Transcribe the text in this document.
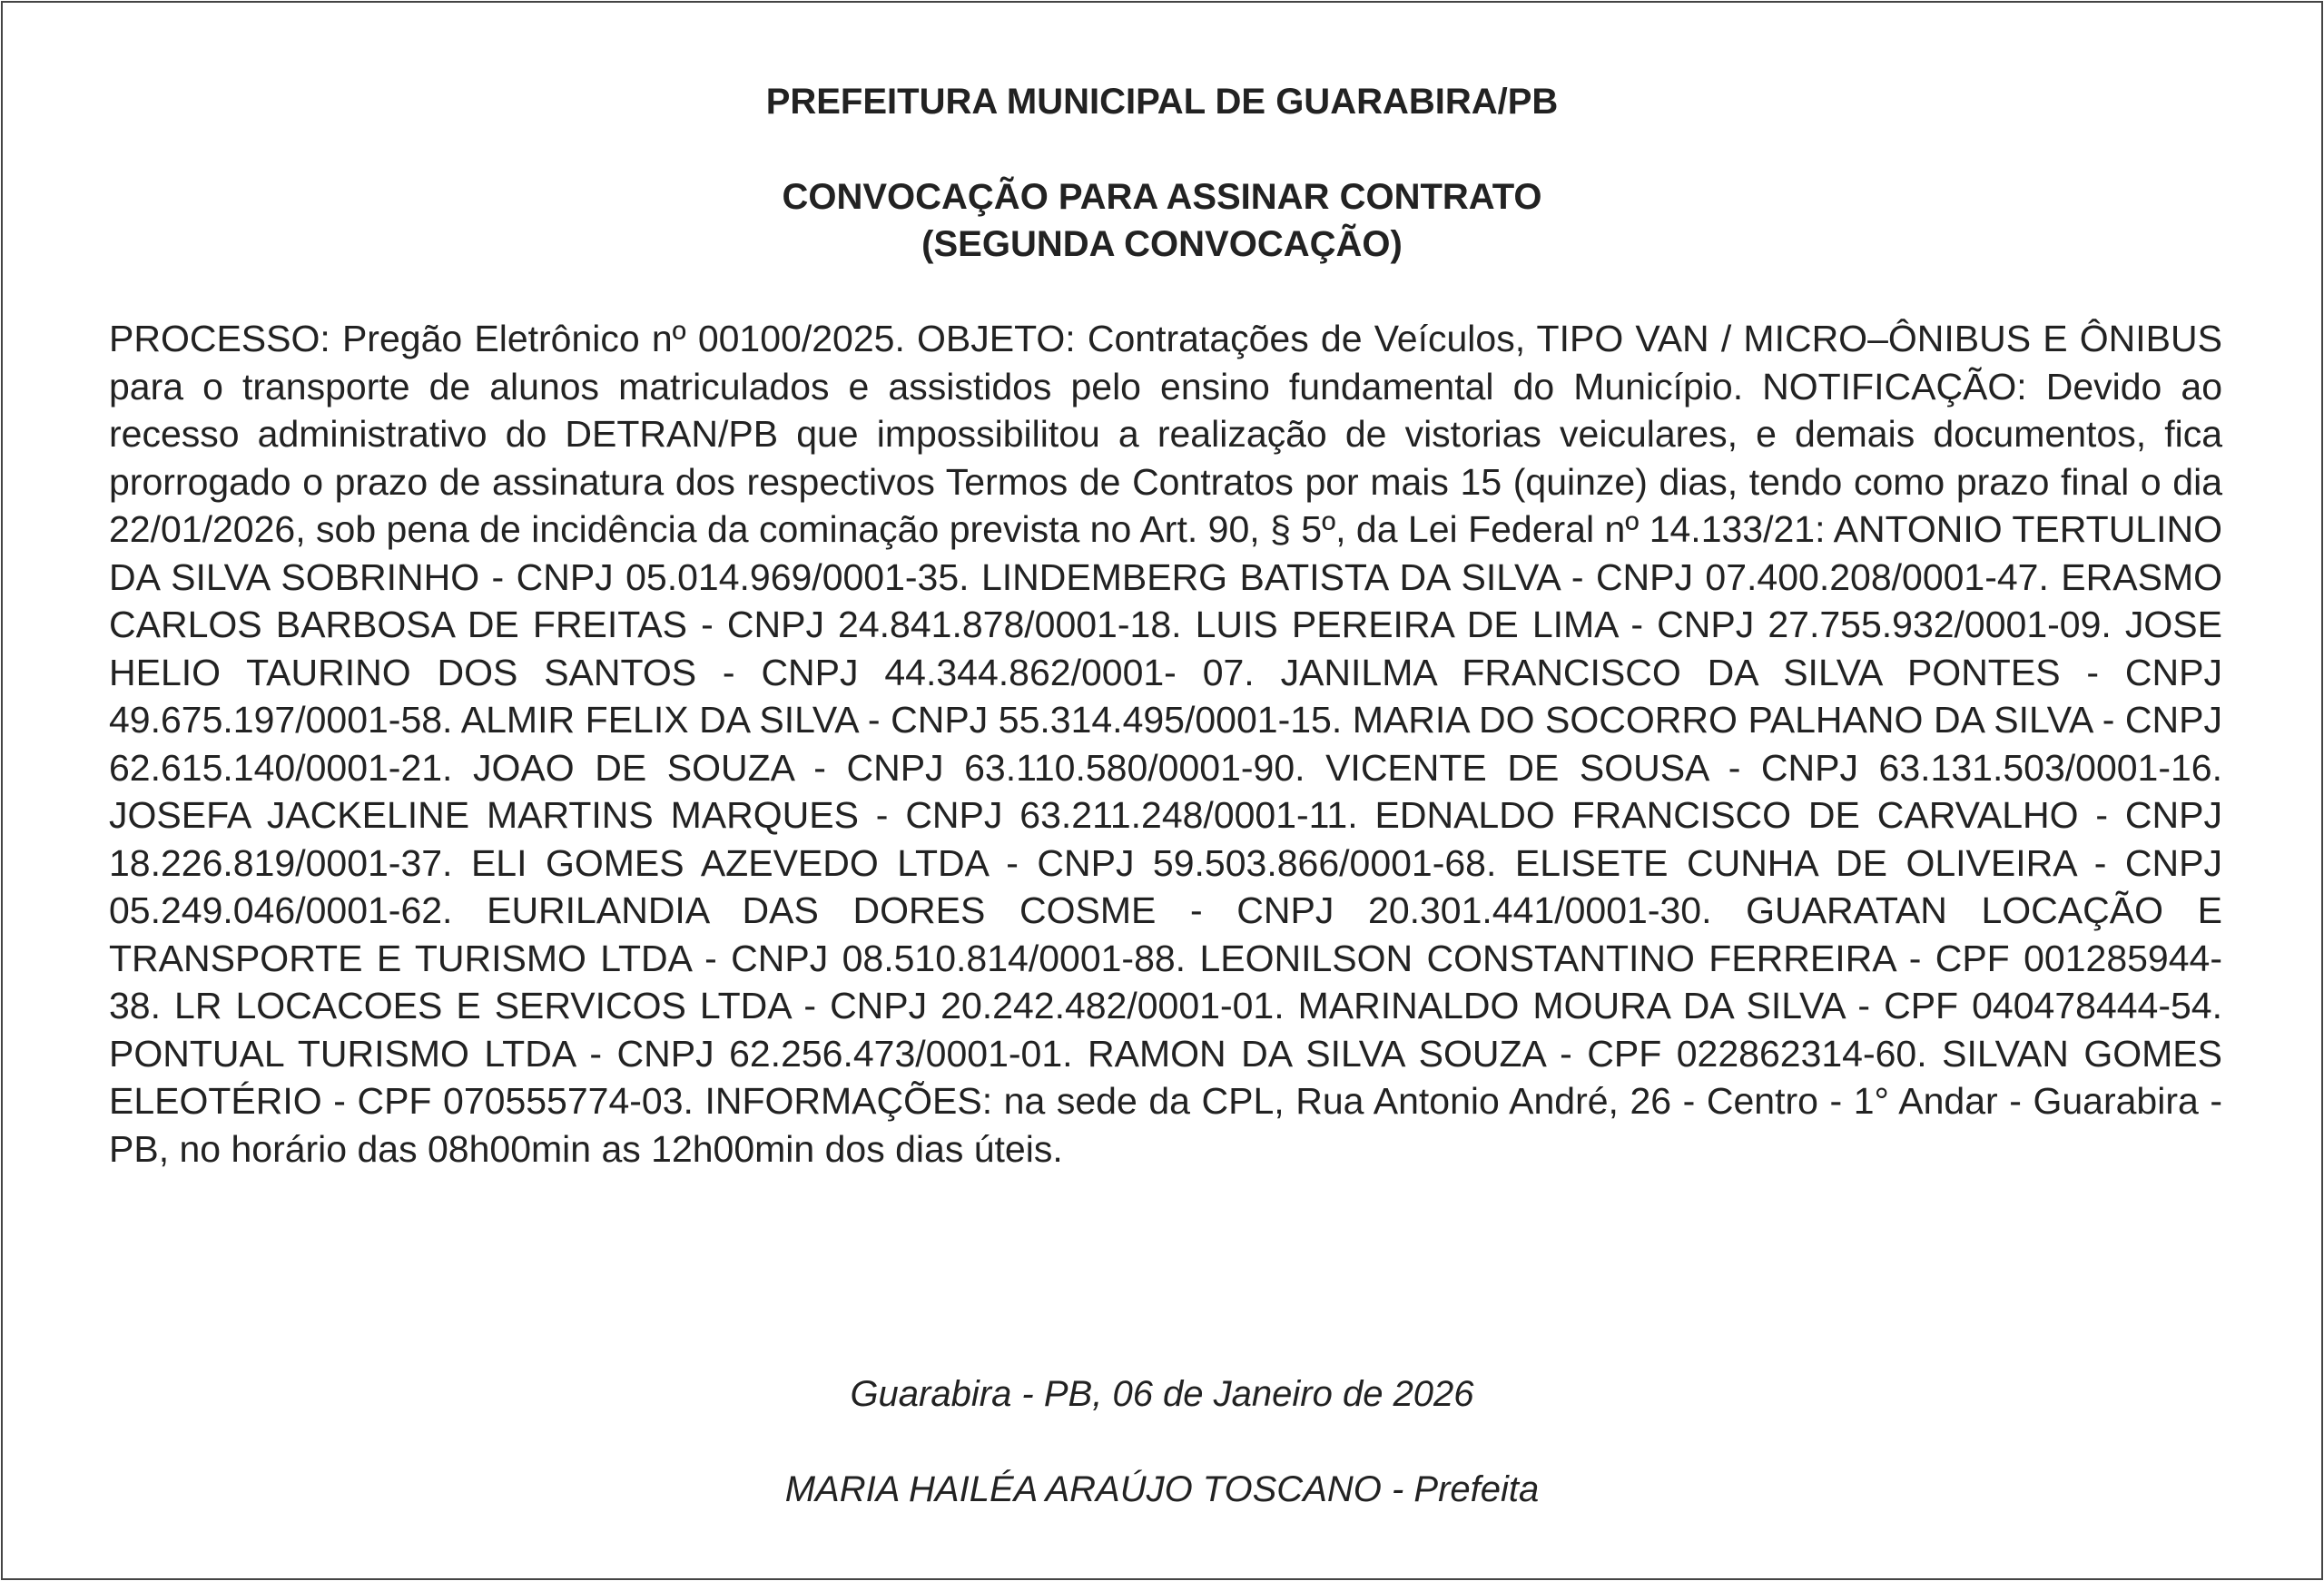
PREFEITURA MUNICIPAL DE GUARABIRA/PB
CONVOCAÇÃO PARA ASSINAR CONTRATO
(SEGUNDA CONVOCAÇÃO)

PROCESSO: Pregão Eletrônico nº 00100/2025. OBJETO: Contratações de Veículos, TIPO VAN / MICRO–ÔNIBUS E ÔNIBUS para o transporte de alunos matriculados e assistidos pelo ensino fundamental do Município. NOTIFICAÇÃO: Devido ao recesso administrativo do DETRAN/PB que impossibilitou a realização de vistorias veiculares, e demais documentos, fica prorrogado o prazo de assinatura dos respectivos Termos de Contratos por mais 15 (quinze) dias, tendo como prazo final o dia 22/01/2026, sob pena de incidência da cominação prevista no Art. 90, § 5º, da Lei Federal nº 14.133/21: ANTONIO TERTULINO DA SILVA SOBRINHO - CNPJ 05.014.969/0001-35. LINDEMBERG BATISTA DA SILVA - CNPJ 07.400.208/0001-47. ERASMO CARLOS BARBOSA DE FREITAS - CNPJ 24.841.878/0001-18. LUIS PEREIRA DE LIMA - CNPJ 27.755.932/0001-09. JOSE HELIO TAURINO DOS SANTOS - CNPJ 44.344.862/0001- 07. JANILMA FRANCISCO DA SILVA PONTES - CNPJ 49.675.197/0001-58. ALMIR FELIX DA SILVA - CNPJ 55.314.495/0001-15. MARIA DO SOCORRO PALHANO DA SILVA - CNPJ 62.615.140/0001-21. JOAO DE SOUZA - CNPJ 63.110.580/0001-90. VICENTE DE SOUSA - CNPJ 63.131.503/0001-16. JOSEFA JACKELINE MARTINS MARQUES - CNPJ 63.211.248/0001-11. EDNALDO FRANCISCO DE CARVALHO - CNPJ 18.226.819/0001-37. ELI GOMES AZEVEDO LTDA - CNPJ 59.503.866/0001-68. ELISETE CUNHA DE OLIVEIRA - CNPJ 05.249.046/0001-62. EURILANDIA DAS DORES COSME - CNPJ 20.301.441/0001-30. GUARATAN LOCAÇÃO E TRANSPORTE E TURISMO LTDA - CNPJ 08.510.814/0001-88. LEONILSON CONSTANTINO FERREIRA - CPF 001285944-38. LR LOCACOES E SERVICOS LTDA - CNPJ 20.242.482/0001-01. MARINALDO MOURA DA SILVA - CPF 040478444-54. PONTUAL TURISMO LTDA - CNPJ 62.256.473/0001-01. RAMON DA SILVA SOUZA - CPF 022862314-60. SILVAN GOMES ELEOTÉRIO - CPF 070555774-03. INFORMAÇÕES: na sede da CPL, Rua Antonio André, 26 - Centro - 1° Andar - Guarabira - PB, no horário das 08h00min as 12h00min dos dias úteis.

Guarabira - PB, 06 de Janeiro de 2026
MARIA HAILÉA ARAÚJO TOSCANO - Prefeita
